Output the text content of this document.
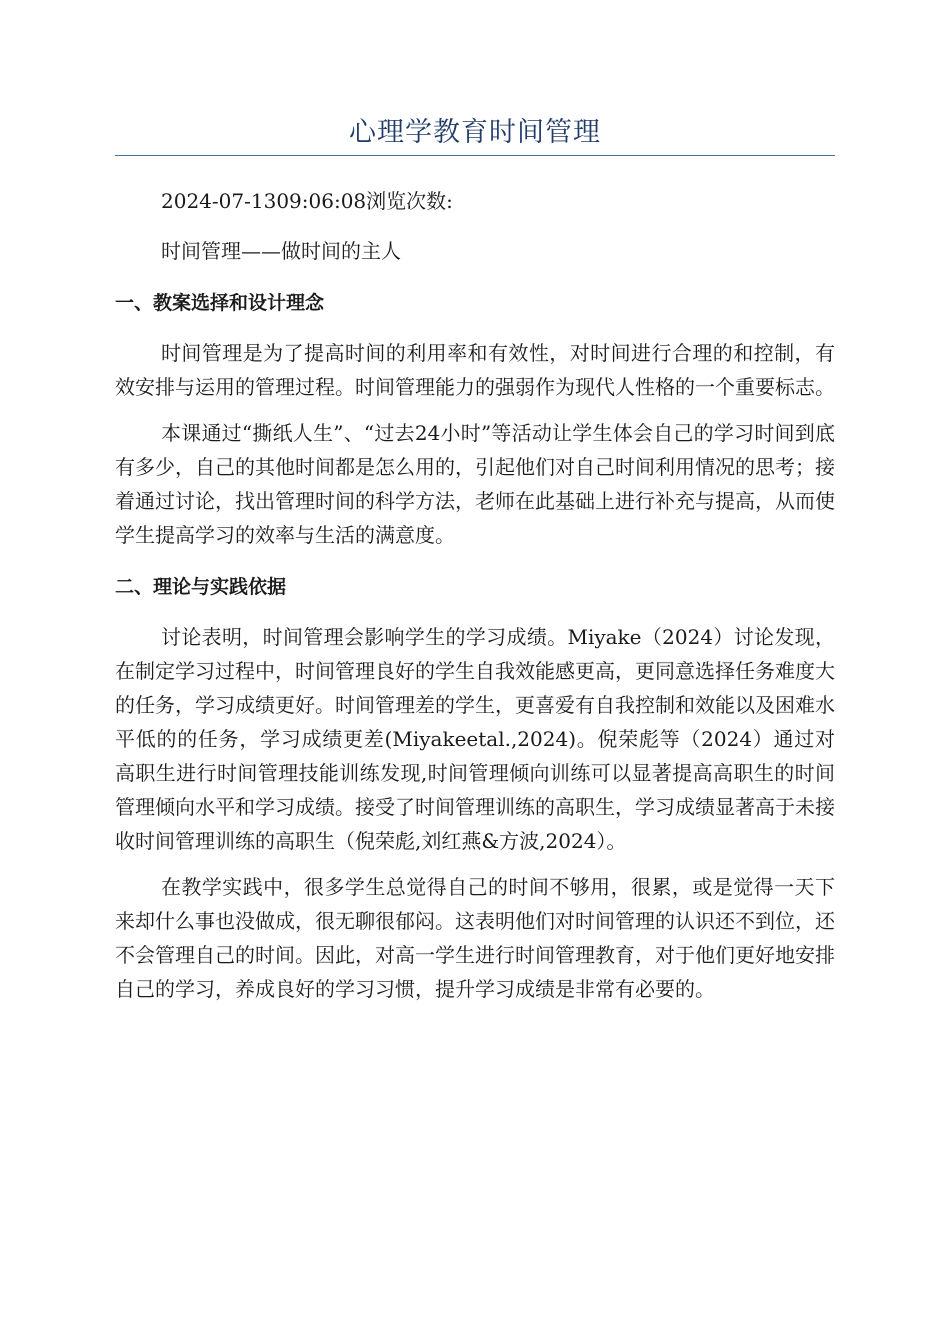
心理学教育时间管理
2024-07-1309:06:08浏览次数:
时间管理——做时间的主人
一、教案选择和设计理念

时间管理是为了提高时间的利用率和有效性，对时间进行合理的和控制，有效安排与运用的管理过程。时间管理能力的强弱作为现代人性格的一个重要标志。

本课通过“撕纸人生”、“过去24小时”等活动让学生体会自己的学习时间到底有多少，自己的其他时间都是怎么用的，引起他们对自己时间利用情况的思考；接着通过讨论，找出管理时间的科学方法，老师在此基础上进行补充与提高，从而使学生提高学习的效率与生活的满意度。

二、理论与实践依据

讨论表明，时间管理会影响学生的学习成绩。Miyake（2024）讨论发现，在制定学习过程中，时间管理良好的学生自我效能感更高，更同意选择任务难度大的任务，学习成绩更好。时间管理差的学生，更喜爱有自我控制和效能以及困难水平低的的任务，学习成绩更差(Miyakeetal.,2024)。倪荣彪等（2024）通过对高职生进行时间管理技能训练发现,时间管理倾向训练可以显著提高高职生的时间管理倾向水平和学习成绩。接受了时间管理训练的高职生，学习成绩显著高于未接收时间管理训练的高职生（倪荣彪,刘红燕&方波,2024）。

在教学实践中，很多学生总觉得自己的时间不够用，很累，或是觉得一天下来却什么事也没做成，很无聊很郁闷。这表明他们对时间管理的认识还不到位，还不会管理自己的时间。因此，对高一学生进行时间管理教育，对于他们更好地安排自己的学习，养成良好的学习习惯，提升学习成绩是非常有必要的。
